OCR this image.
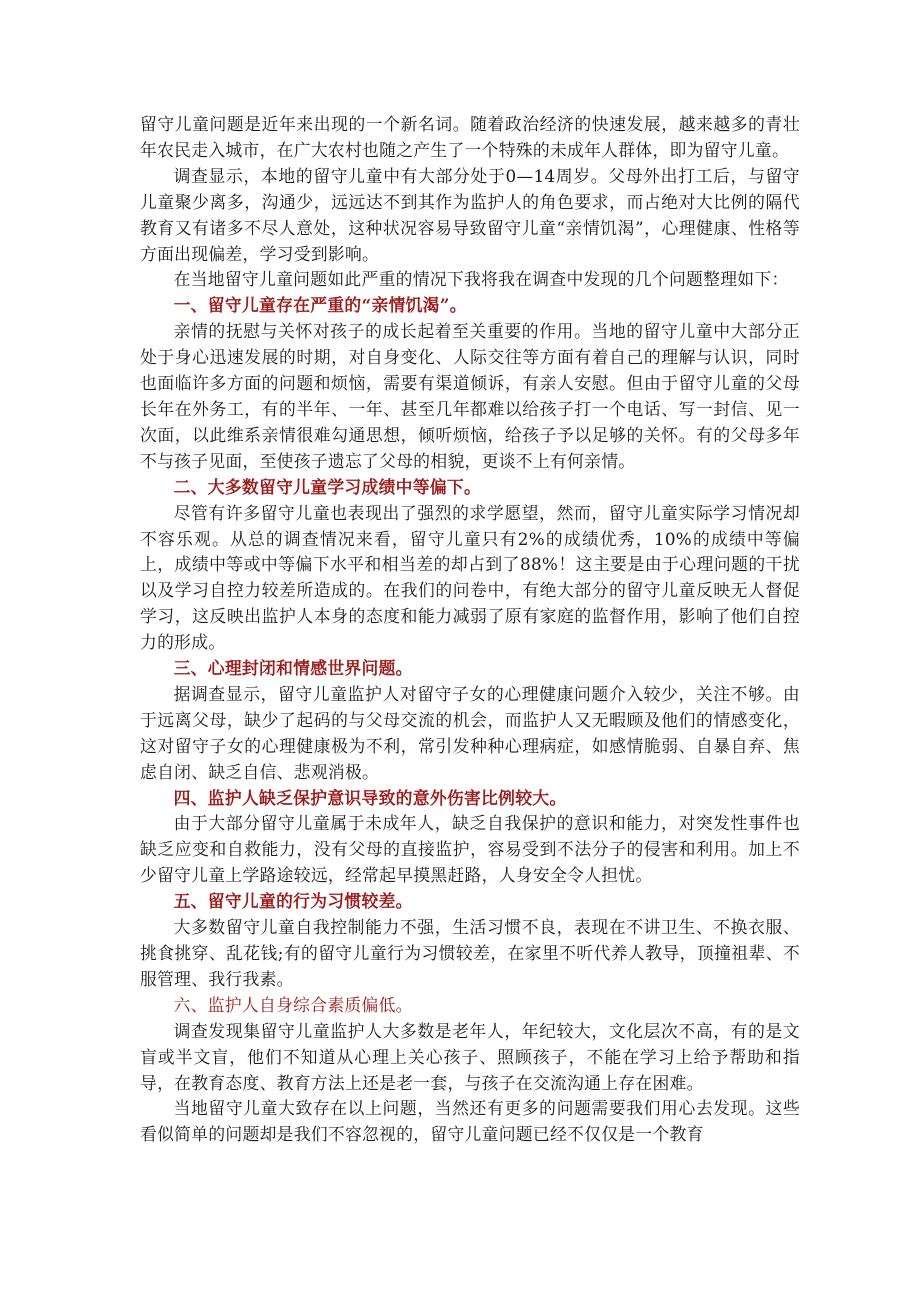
留守儿童问题是近年来出现的一个新名词。随着政治经济的快速发展，越来越多的青壮年农民走入城市，在广大农村也随之产生了一个特殊的未成年人群体，即为留守儿童。

调查显示，本地的留守儿童中有大部分处于0—14周岁。父母外出打工后，与留守儿童聚少离多，沟通少，远远达不到其作为监护人的角色要求，而占绝对大比例的隔代教育又有诸多不尽人意处，这种状况容易导致留守儿童“亲情饥渴”，心理健康、性格等方面出现偏差，学习受到影响。

在当地留守儿童问题如此严重的情况下我将我在调查中发现的几个问题整理如下：

一、留守儿童存在严重的“亲情饥渴”。

亲情的抚慰与关怀对孩子的成长起着至关重要的作用。当地的留守儿童中大部分正处于身心迅速发展的时期，对自身变化、人际交往等方面有着自己的理解与认识，同时也面临许多方面的问题和烦恼，需要有渠道倾诉，有亲人安慰。但由于留守儿童的父母长年在外务工，有的半年、一年、甚至几年都难以给孩子打一个电话、写一封信、见一次面，以此维系亲情很难勾通思想，倾听烦恼，给孩子予以足够的关怀。有的父母多年不与孩子见面，至使孩子遗忘了父母的相貌，更谈不上有何亲情。

二、大多数留守儿童学习成绩中等偏下。

尽管有许多留守儿童也表现出了强烈的求学愿望，然而，留守儿童实际学习情况却不容乐观。从总的调查情况来看，留守儿童只有2%的成绩优秀，10%的成绩中等偏上，成绩中等或中等偏下水平和相当差的却占到了88%！这主要是由于心理问题的干扰以及学习自控力较差所造成的。在我们的问卷中，有绝大部分的留守儿童反映无人督促学习，这反映出监护人本身的态度和能力减弱了原有家庭的监督作用，影响了他们自控力的形成。

三、心理封闭和情感世界问题。

据调查显示，留守儿童监护人对留守子女的心理健康问题介入较少，关注不够。由于远离父母，缺少了起码的与父母交流的机会，而监护人又无暇顾及他们的情感变化，这对留守子女的心理健康极为不利，常引发种种心理病症，如感情脆弱、自暴自弃、焦虑自闭、缺乏自信、悲观消极。

四、监护人缺乏保护意识导致的意外伤害比例较大。

由于大部分留守儿童属于未成年人，缺乏自我保护的意识和能力，对突发性事件也缺乏应变和自救能力，没有父母的直接监护，容易受到不法分子的侵害和利用。加上不少留守儿童上学路途较远，经常起早摸黑赶路，人身安全令人担忧。

五、留守儿童的行为习惯较差。

大多数留守儿童自我控制能力不强，生活习惯不良，表现在不讲卫生、不换衣服、挑食挑穿、乱花钱;有的留守儿童行为习惯较差，在家里不听代养人教导，顶撞祖辈、不服管理、我行我素。

六、监护人自身综合素质偏低。

调查发现集留守儿童监护人大多数是老年人，年纪较大，文化层次不高，有的是文盲或半文盲，他们不知道从心理上关心孩子、照顾孩子，不能在学习上给予帮助和指导，在教育态度、教育方法上还是老一套，与孩子在交流沟通上存在困难。

当地留守儿童大致存在以上问题，当然还有更多的问题需要我们用心去发现。这些看似简单的问题却是我们不容忽视的，留守儿童问题已经不仅仅是一个教育
